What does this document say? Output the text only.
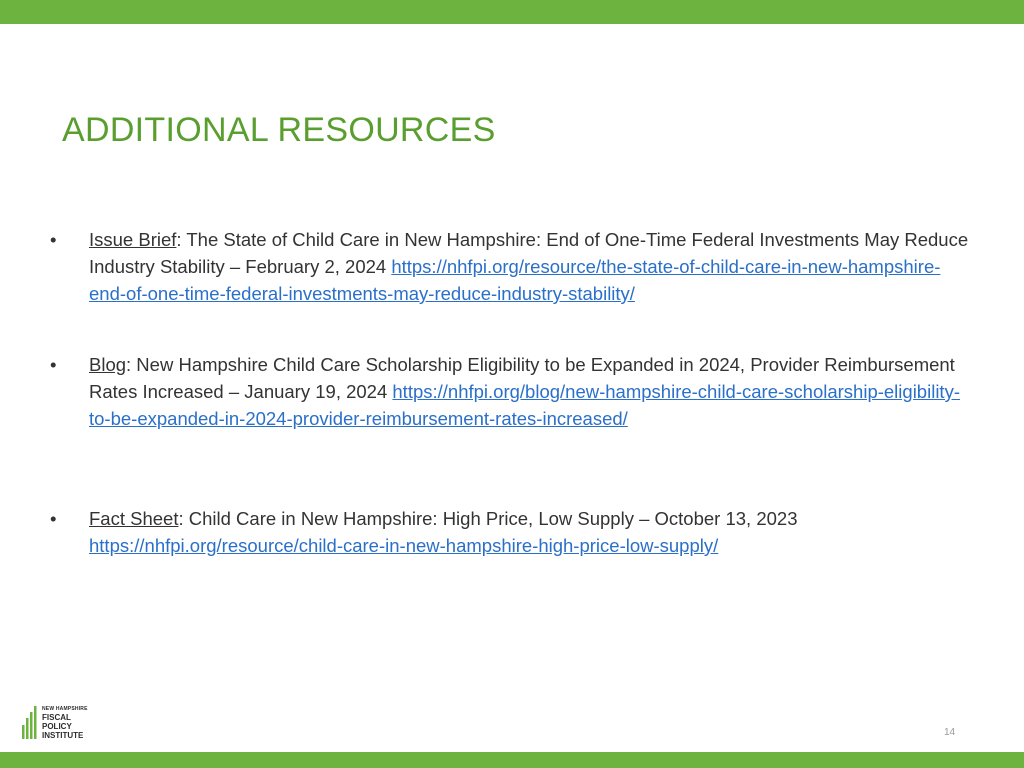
ADDITIONAL RESOURCES
•	Issue Brief: The State of Child Care in New Hampshire: End of One-Time Federal Investments May Reduce Industry Stability – February 2, 2024 https://nhfpi.org/resource/the-state-of-child-care-in-new-hampshire-end-of-one-time-federal-investments-may-reduce-industry-stability/
•	Blog: New Hampshire Child Care Scholarship Eligibility to be Expanded in 2024, Provider Reimbursement Rates Increased – January 19, 2024 https://nhfpi.org/blog/new-hampshire-child-care-scholarship-eligibility-to-be-expanded-in-2024-provider-reimbursement-rates-increased/
•	Fact Sheet: Child Care in New Hampshire: High Price, Low Supply – October 13, 2023
https://nhfpi.org/resource/child-care-in-new-hampshire-high-price-low-supply/
NEW HAMPSHIRE
FISCAL
POLICY
INSTITUTE	14
